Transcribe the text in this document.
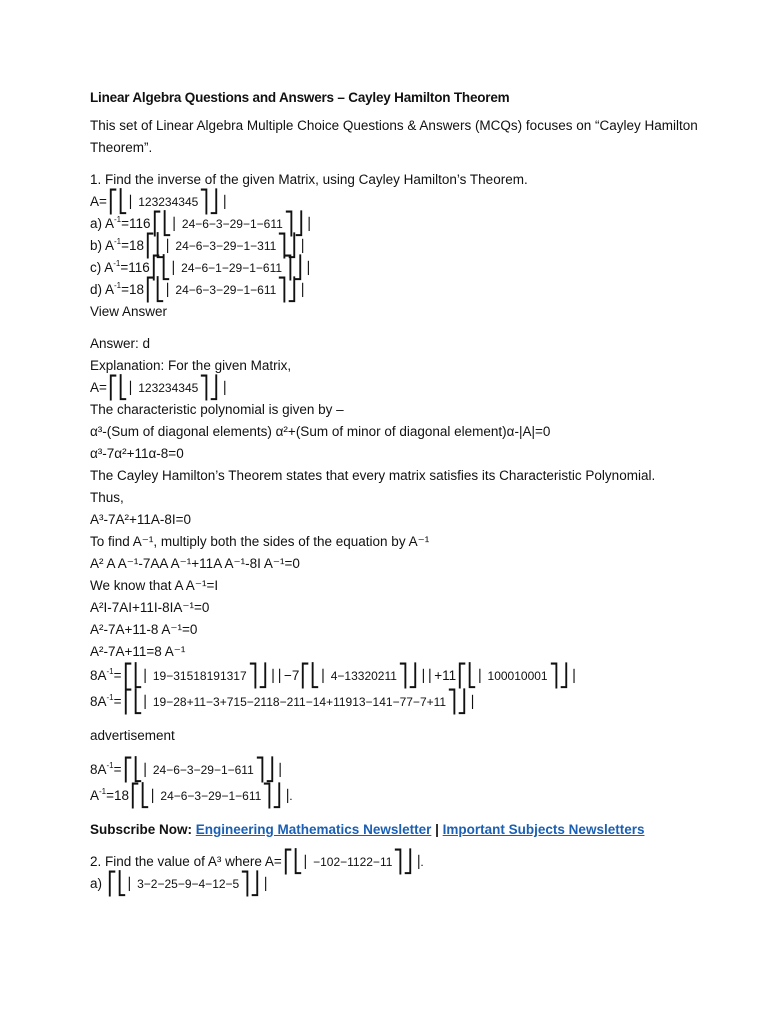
Linear Algebra Questions and Answers – Cayley Hamilton Theorem
This set of Linear Algebra Multiple Choice Questions & Answers (MCQs) focuses on “Cayley Hamilton Theorem”.
1. Find the inverse of the given Matrix, using Cayley Hamilton’s Theorem.
A=⎡⎣⎢ 123234345⎤⎦⎥
a) $A^{-1}=116⎡⎣⎢$ 24−6−3−29−1−611⎤⎦⎥
b) $A^{-1}=18⎡⎣⎢$ 24−6−3−29−1−311⎤⎦⎥
c) $A^{-1}=116⎡⎣⎢$ 24−6−1−29−1−611⎤⎦⎥
d) $A^{-1}=18⎡⎣⎢$ 24−6−3−29−1−611⎤⎦⎥
View Answer
Answer: d
Explanation: For the given Matrix,
A=⎡⎣⎢ 123234345⎤⎦⎥
The characteristic polynomial is given by –
α³-(Sum of diagonal elements) α²+(Sum of minor of diagonal element)α-|A|=0
α³-7α²+11α-8=0
The Cayley Hamilton’s Theorem states that every matrix satisfies its Characteristic Polynomial.
Thus,
A³-7A²+11A-8I=0
To find A⁻¹, multiply both the sides of the equation by A⁻¹
A² A A⁻¹-7AA A⁻¹+11A A⁻¹-8I A⁻¹=0
We know that A A⁻¹=I
A²I-7AI+11I-8IA⁻¹=0
A²-7A+11-8 A⁻¹=0
A²-7A+11=8 A⁻¹
$8A^{-1}=⎡⎣⎢$ 19−31518191317⎤⎦⎥ ⎢−7⎡⎣⎢ 4−13320211⎤⎦⎥ ⎢+11⎡⎣⎢ 100010001⎤⎦⎥
$8A^{-1}=⎡⎣⎢$ 19−28+11−3+715−2118−211−14+11913−141−77−7+11⎤⎦⎥
advertisement
$8A^{-1}=⎡⎣⎢$ 24−6−3−29−1−611⎤⎦⎥
$A^{-1}=18⎡⎣⎢$ 24−6−3−29−1−611⎤⎦⎥.
Subscribe Now: Engineering Mathematics Newsletter | Important Subjects Newsletters
2. Find the value of A³ where A=⎡⎣⎢ −102−1122−11⎤⎦⎥.
a) ⎡⎣⎢ 3−2−25−9−4−12−5⎤⎦⎥
